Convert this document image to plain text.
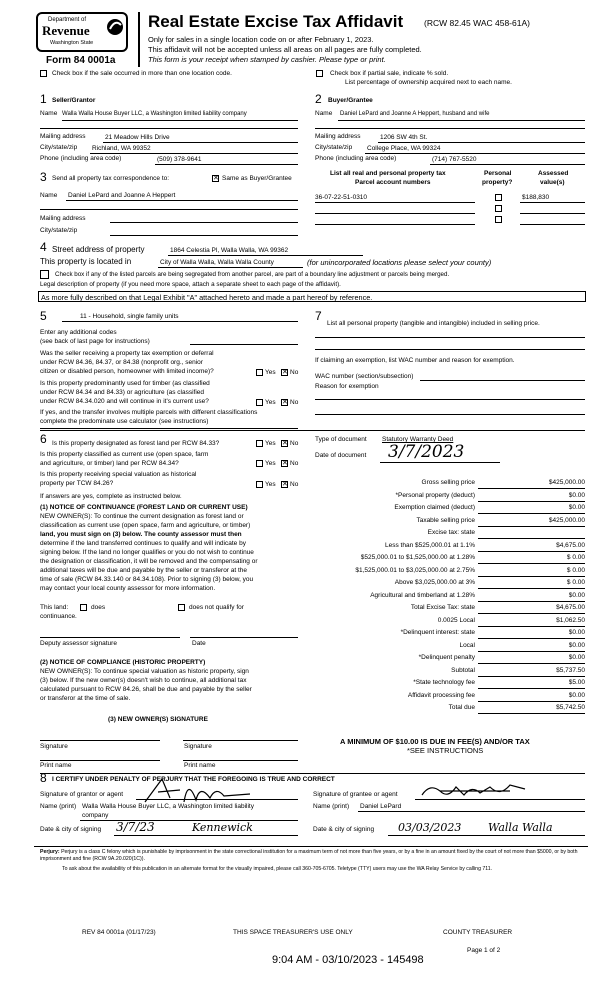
Department of
Revenue
Washington State
Form 84 0001a
Real Estate Excise Tax Affidavit (RCW 82.45 WAC 458-61A)
Only for sales in a single location code on or after February 1, 2023.
This affidavit will not be accepted unless all areas on all pages are fully completed.
This form is your receipt when stamped by cashier. Please type or print.
Check box if the sale occurred in more than one location code.	Check box if partial sale, indicate % sold.
List percentage of ownership acquired next to each name.
1 Seller/Grantor
Name Walla Walla House Buyer LLC, a Washington limited liability company
Mailing address	21 Meadow Hills Drive
City/state/zip Richland, WA 99352
Phone (including area code)	(509) 378-9641
2 Buyer/Grantee
Name Daniel LePard and Joanne A Heppert, husband and wife
Mailing address	1206 SW 4th St.
City/state/zip College Place, WA 99324
Phone (including area code)	(714) 767-5520
3 Send all property tax correspondence to:	✕ Same as Buyer/Grantee
Name Daniel LePard and Joanne A Heppert
Mailing address
City/state/zip
List all real and personal property tax
Parcel account numbers
Personal
property?
Assessed
value(s)
36-07-22-51-0310	$188,830
4 Street address of property	1864 Celestia Pl, Walla Walla, WA 99362
This property is located in	City of Walla Walla, Walla Walla County	(for unincorporated locations please select your county)
Check box if any of the listed parcels are being segregated from another parcel, are part of a boundary line adjustment or parcels being merged.
Legal description of property (if you need more space, attach a separate sheet to each page of the affidavit).
As more fully described on that Legal Exhibit "A" attached hereto and made a part hereof by reference.
5	11 - Household, single family units
Enter any additional codes
(see back of last page for instructions)
Was the seller receiving a property tax exemption or deferral
under RCW 84.36, 84.37, or 84.38 (nonprofit org., senior
citizen or disabled person, homeowner with limited income)?	Yes ✕ No
Is this property predominantly used for timber (as classified
under RCW 84.34 and 84.33) or agriculture (as classified
under RCW 84.34.020 and will continue in it's current use?	Yes ✕ No
If yes, and the transfer involves multiple parcels with different classifications
complete the predominate use calculator (see instructions)
7
List all personal property (tangible and intangible) included in selling price.
If claiming an exemption, list WAC number and reason for exemption.
WAC number (section/subsection)
Reason for exemption
Type of document Statutory Warranty Deed
Date of document 3/7/2023
6 Is this property designated as forest land per RCW 84.33?	Yes ✕ No
Is this property classified as current use (open space, farm
and agriculture, or timber) land per RCW 84.34?	Yes ✕ No
Is this property receiving special valuation as historical
property per TCW 84.26?	Yes ✕ No
If answers are yes, complete as instructed below.
(1) NOTICE OF CONTINUANCE (FOREST LAND OR CURRENT USE)
NEW OWNER(S): To continue the current designation as forest land or
classification as current use (open space, farm and agriculture, or timber)
land, you must sign on (3) below. The county assessor must then
determine if the land transferred continues to qualify and will indicate by
signing below. If the land no longer qualifies or you do not wish to continue
the designation or classification, it will be removed and the compensating or
additional taxes will be due and payable by the seller or transferor at the
time of sale (RCW 84.33.140 or 84.34.108). Prior to signing (3) below, you
may contact your local county assessor for more information.
This land:
continuance.
does	does not qualify for
Deputy assessor signature	Date
(2) NOTICE OF COMPLIANCE (HISTORIC PROPERTY)
NEW OWNER(S): To continue special valuation as historic property, sign
(3) below. If the new owner(s) doesn't wish to continue, all additional tax
calculated pursuant to RCW 84.26, shall be due and payable by the seller
or transferor at the time of sale.
(3) NEW OWNER(S) SIGNATURE
Signature	Signature
Print name	Print name
Gross selling price	$425,000.00
*Personal property (deduct)	$0.00
Exemption claimed (deduct)	$0.00
Taxable selling price	$425,000.00
Excise tax: state
Less than $525,000.01 at 1.1%	$4,675.00
$525,000.01 to $1,525,000.00 at 1.28%	$ 0.00
$1,525,000.01 to $3,025,000.00 at 2.75%	$ 0.00
Above $3,025,000.00 at 3%	$ 0.00
Agricultural and timberland at 1.28%	$0.00
Total Excise Tax: state	$4,675.00
0.0025 Local	$1,062.50
*Delinquent interest: state	$0.00
Local	$0.00
*Delinquent penalty	$0.00
Subtotal	$5,737.50
*State technology fee	$5.00
Affidavit processing fee	$0.00
Total due	$5,742.50
A MINIMUM OF $10.00 IS DUE IN FEE(S) AND/OR TAX
*SEE INSTRUCTIONS
8 I CERTIFY UNDER PENALTY OF PERJURY THAT THE FOREGOING IS TRUE AND CORRECT
Signature of grantor or agent	Signature of grantee or agent
Name (print) Walla Walla House Buyer LLC, a Washington limited liability
company
Name (print) Daniel LePard
Date & city of signing 3/7/23	Kennewick	Date & city of signing 03/03/2023 Walla Walla
Perjury: Perjury is a class C felony which is punishable by imprisonment in the state correctional institution for a maximum term of not more than five years, or by a fine in an amount fixed by the court of not more than $5000, or by both imprisonment and fine (RCW 9A.20.020(1C)).
To ask about the availability of this publication in an alternate format for the visually impaired, please call 360-705-6705. Teletype (TTY) users may use the WA Relay Service by calling 711.
REV 84 0001a (01/17/23)	THIS SPACE TREASURER'S USE ONLY	COUNTY TREASURER
Page 1 of 2
9:04 AM - 03/10/2023 - 145498
